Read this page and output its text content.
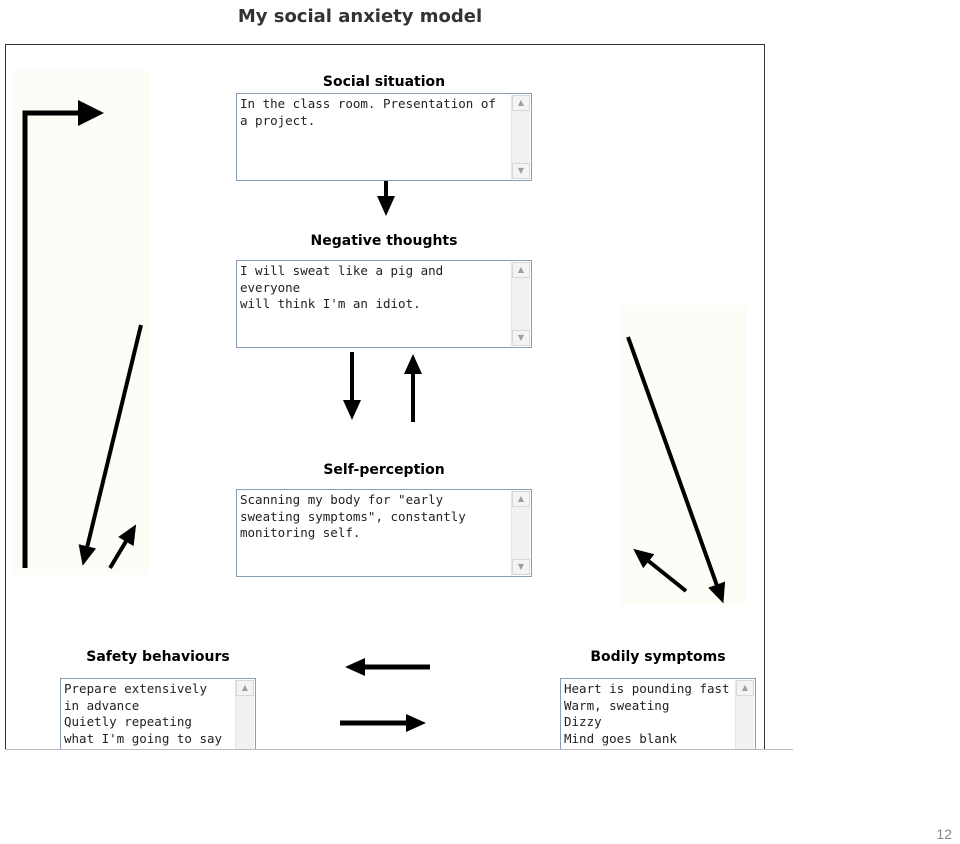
My social anxiety model
Social situation
In the class room. Presentation of
a project.
▲
▼
Negative thoughts
I will sweat like a pig and everyone
will think I'm an idiot.
▲
▼
Self-perception
Scanning my body for "early
sweating symptoms", constantly
monitoring self.
▲
▼
Safety behaviours
Prepare extensively
in advance
Quietly repeating
what I'm going to say
▲
Bodily symptoms
Heart is pounding fast
Warm, sweating
Dizzy
Mind goes blank
▲
12
